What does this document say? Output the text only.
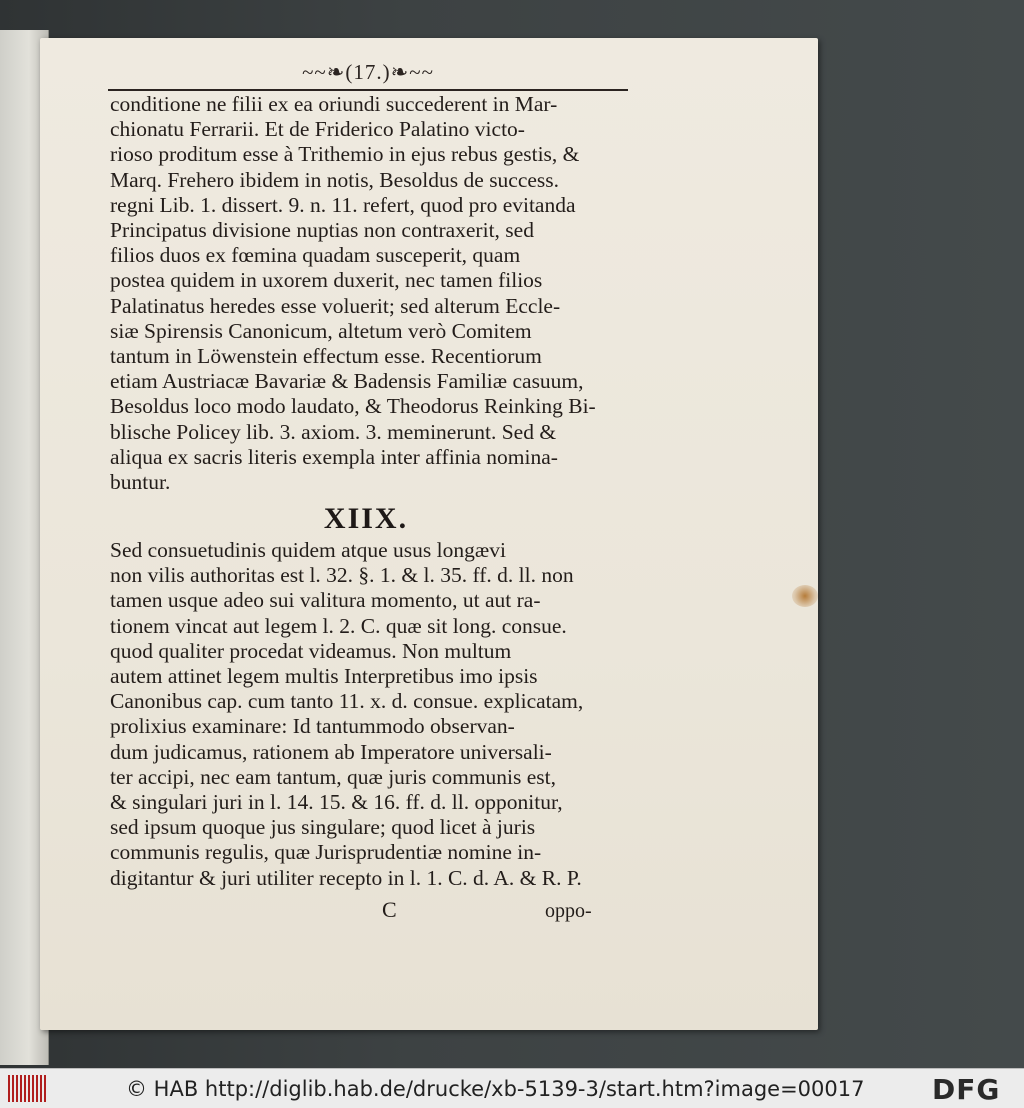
~~❧(17.)❧~~
conditione ne filii ex ea oriundi succederent in Mar-
chionatu Ferrarii. Et de Friderico Palatino victo-
rioso proditum esse à Trithemio in ejus rebus gestis, &
Marq. Frehero ibidem in notis, Besoldus de success.
regni Lib. 1. dissert. 9. n. 11. refert, quod pro evitanda
Principatus divisione nuptias non contraxerit, sed
filios duos ex fœmina quadam susceperit, quam
postea quidem in uxorem duxerit, nec tamen filios
Palatinatus heredes esse voluerit; sed alterum Eccle-
siæ Spirensis Canonicum, altetum verò Comitem
tantum in Löwenstein effectum esse. Recentiorum
etiam Austriacæ Bavariæ & Badensis Familiæ casuum,
Besoldus loco modo laudato, & Theodorus Reinking Bi-
blische Policey lib. 3. axiom. 3. meminerunt. Sed &
aliqua ex sacris literis exempla inter affinia nomina-
buntur.
XIIX.
Sed consuetudinis quidem atque usus longævi
non vilis authoritas est l. 32. §. 1. & l. 35. ff. d. ll. non
tamen usque adeo sui valitura momento, ut aut ra-
tionem vincat aut legem l. 2. C. quæ sit long. consue.
quod qualiter procedat videamus. Non multum
autem attinet legem multis Interpretibus imo ipsis
Canonibus cap. cum tanto 11. x. d. consue. explicatam,
prolixius examinare: Id tantummodo observan-
dum judicamus, rationem ab Imperatore universali-
ter accipi, nec eam tantum, quæ juris communis est,
& singulari juri in l. 14. 15. & 16. ff. d. ll. opponitur,
sed ipsum quoque jus singulare; quod licet à juris
communis regulis, quæ Jurisprudentiæ nomine in-
digitantur & juri utiliter recepto in l. 1. C. d. A. & R. P.
C	oppo-
© HAB http://diglib.hab.de/drucke/xb-5139-3/start.htm?image=00017 DFG
